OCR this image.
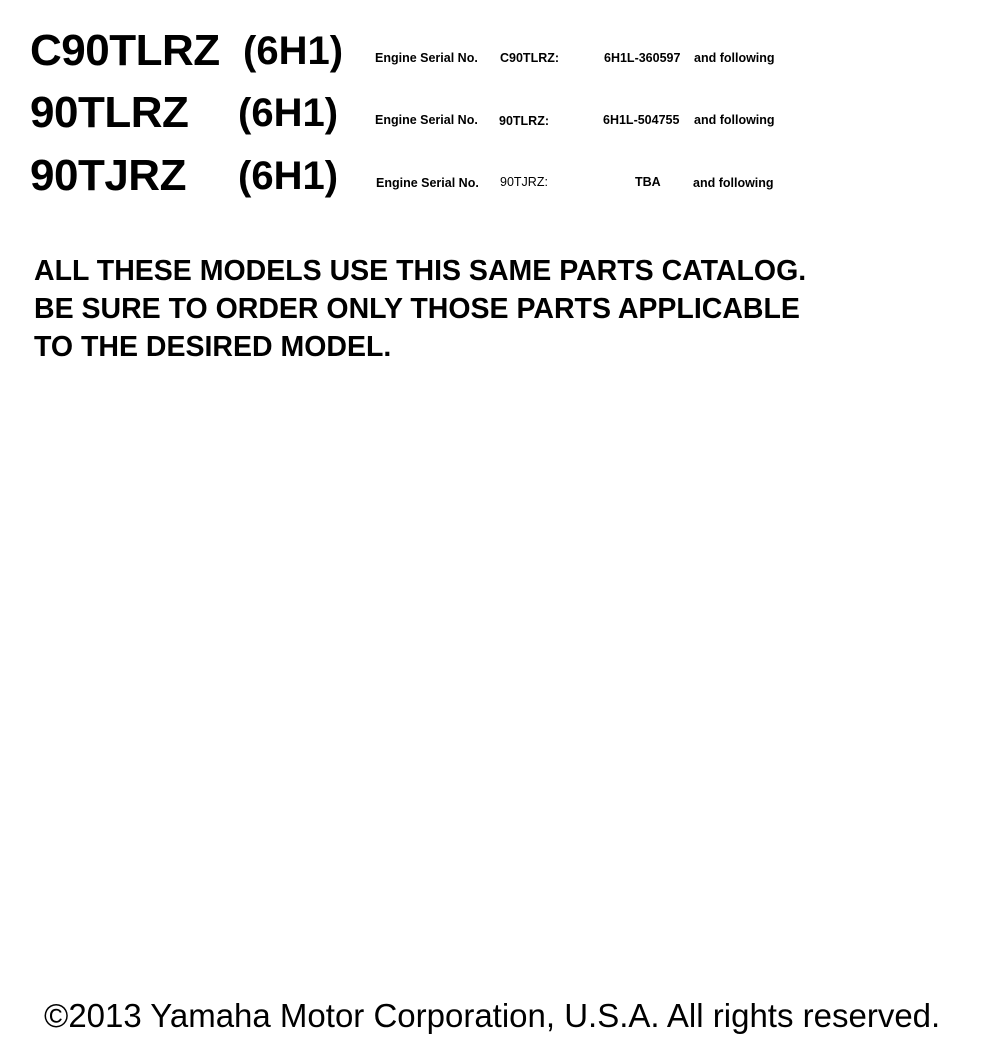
C90TLRZ (6H1)	Engine Serial No. C90TLRZ:	6H1L-360597 and following
90TLRZ (6H1)	Engine Serial No. 90TLRZ:	6H1L-504755 and following
90TJRZ (6H1)	Engine Serial No. 90TJRZ:	TBA	and following
ALL THESE MODELS USE THIS SAME PARTS CATALOG.
BE SURE TO ORDER ONLY THOSE PARTS APPLICABLE
TO THE DESIRED MODEL.
©2013 Yamaha Motor Corporation, U.S.A. All rights reserved.
